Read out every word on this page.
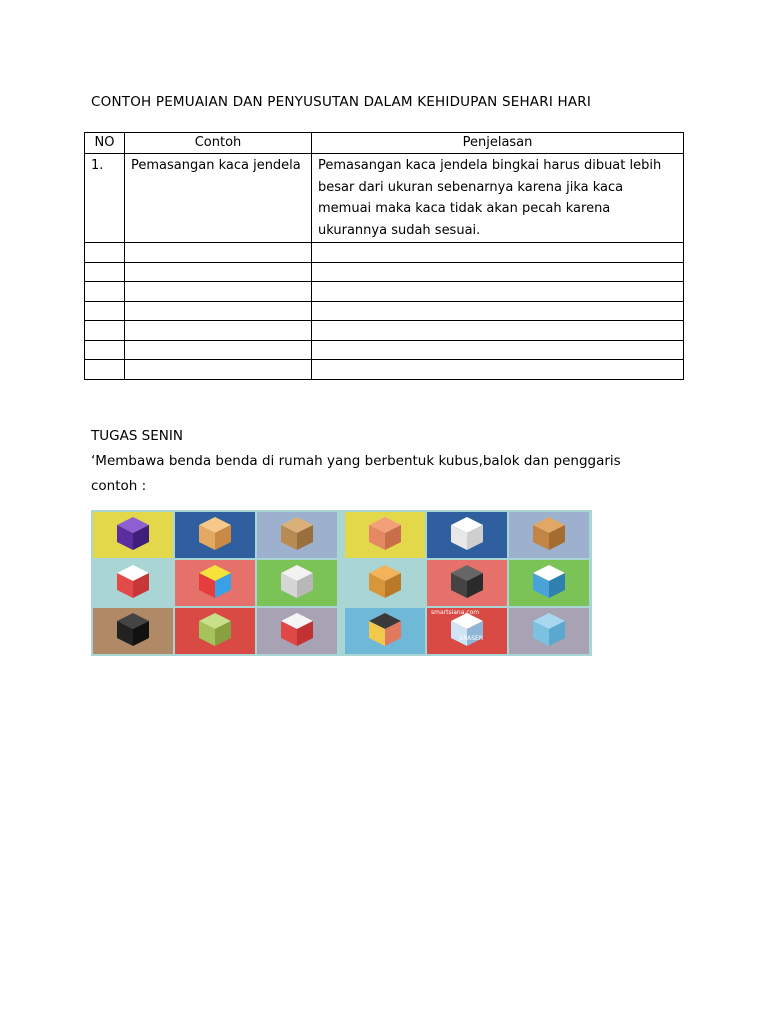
CONTOH PEMUAIAN DAN PENYUSUTAN DALAM KEHIDUPAN SEHARI HARI
NO	Contoh	Penjelasan
1.	Pemasangan kaca jendela	Pemasangan kaca jendela bingkai harus dibuat lebih besar dari ukuran sebenarnya karena jika kaca memuai maka kaca tidak akan pecah karena ukurannya sudah sesuai.

TUGAS SENIN
‘Membawa benda benda di rumah yang berbentuk kubus,balok dan penggaris
contoh :
ERASER
smartsiana.com
